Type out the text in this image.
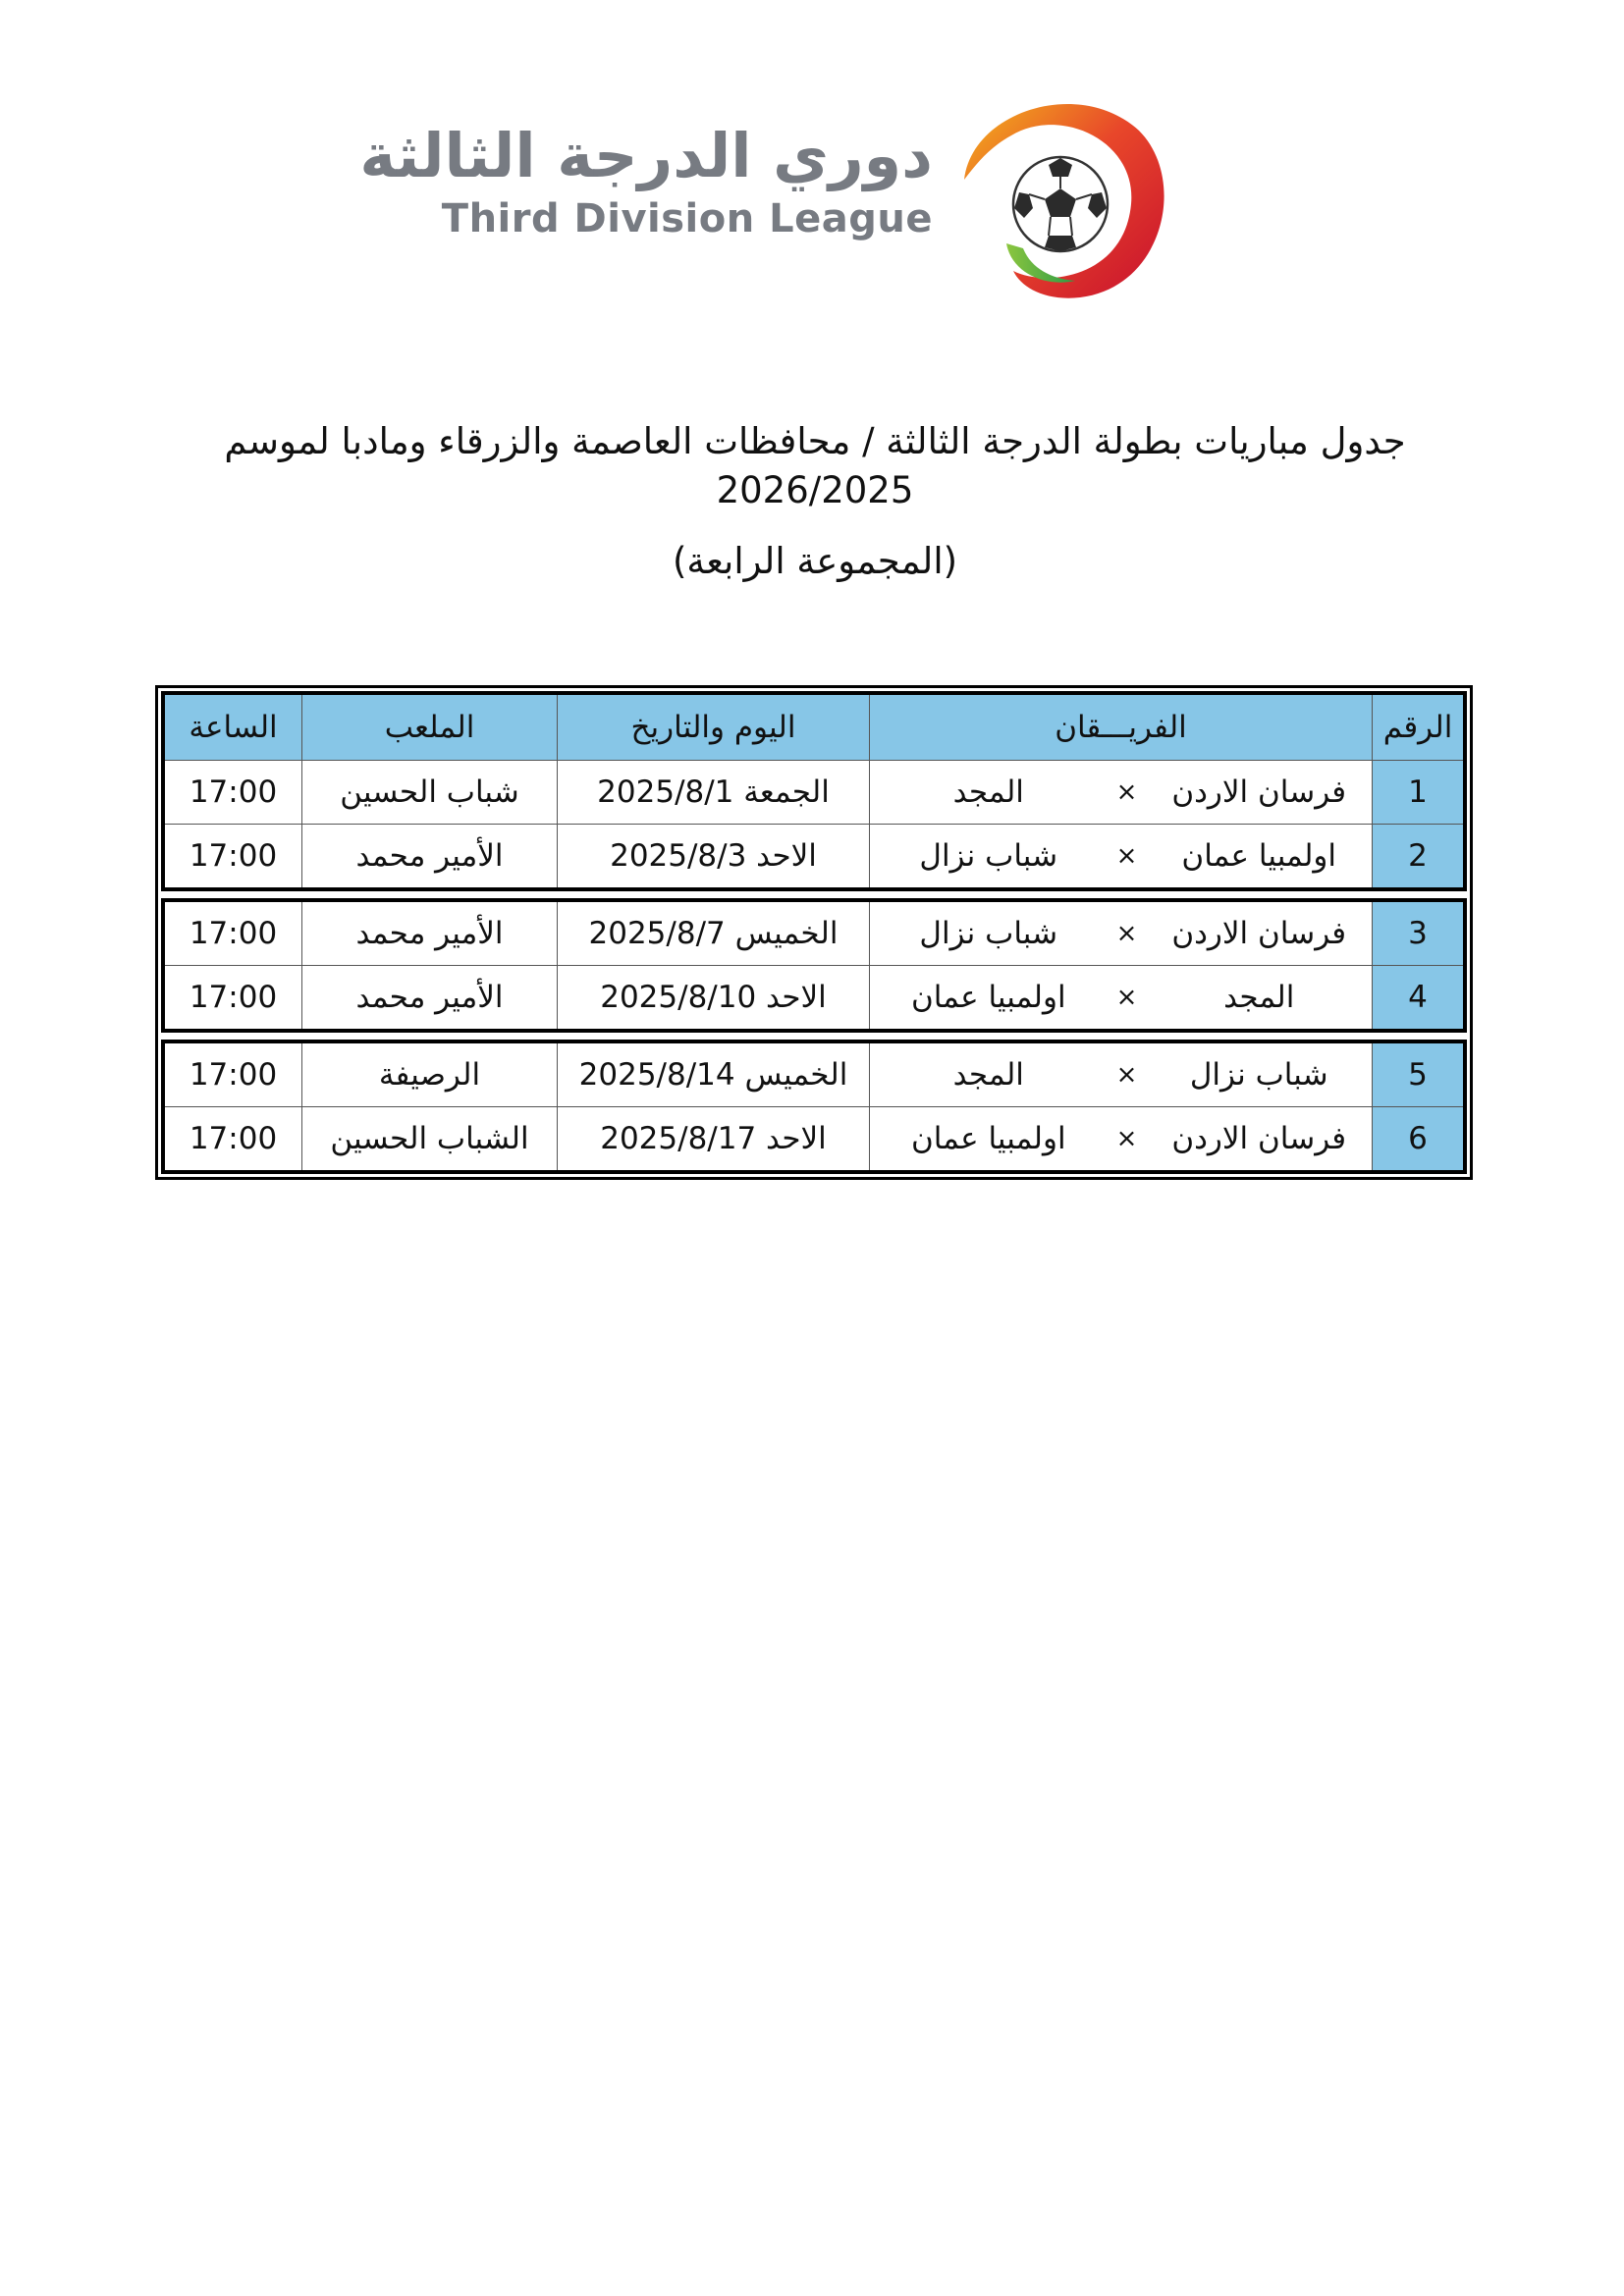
دوري الدرجة الثالثة
Third Division League
جدول مباريات بطولة الدرجة الثالثة / محافظات العاصمة والزرقاء ومادبا لموسم
2026/2025
(المجموعة الرابعة)
الرقم
الفريـــقان
اليوم والتاريخ
الملعب
الساعة
1
فرسان الاردن
×
المجد
الجمعة 2025/8/1
شباب الحسين
17:00
2
اولمبيا عمان
×
شباب نزال
الاحد 2025/8/3
الأمير محمد
17:00
3
فرسان الاردن
×
شباب نزال
الخميس 2025/8/7
الأمير محمد
17:00
4
المجد
×
اولمبيا عمان
الاحد 2025/8/10
الأمير محمد
17:00
5
شباب نزال
×
المجد
الخميس 2025/8/14
الرصيفة
17:00
6
فرسان الاردن
×
اولمبيا عمان
الاحد 2025/8/17
الشباب الحسين
17:00
